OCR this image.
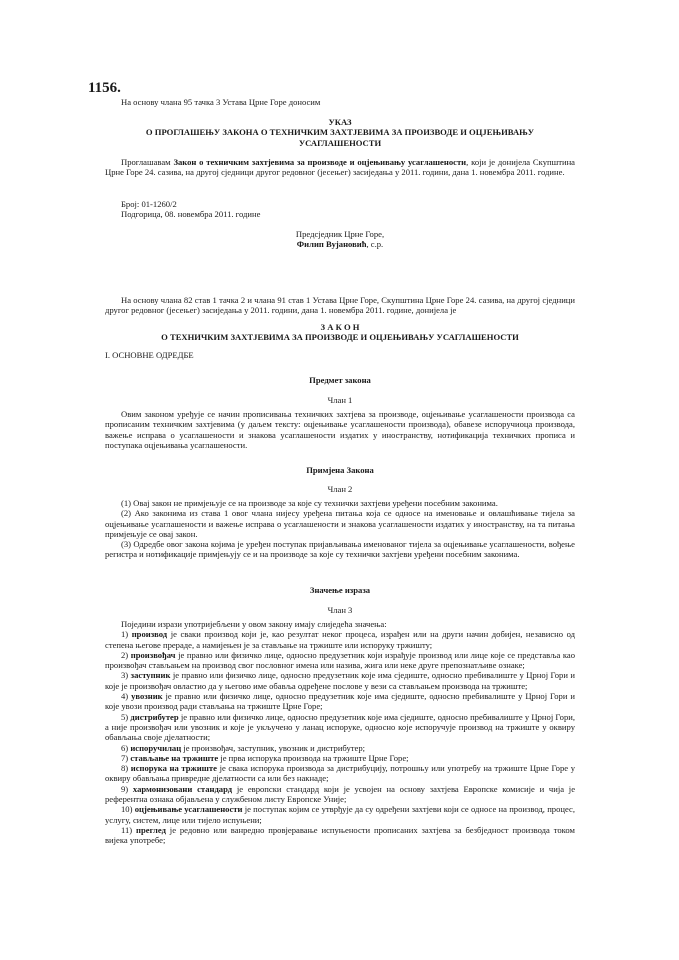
1156.

На основу члана 95 тачка 3 Устава Црне Горе доносим

УКАЗ

О ПРОГЛАШЕЊУ ЗАКОНА О ТЕХНИЧКИМ ЗАХТЈЕВИМА ЗА ПРОИЗВОДЕ И ОЦЈЕЊИВАЊУ УСАГЛАШЕНОСТИ

Проглашавам Закон о техничким захтјевима за производе и оцјењивању усаглашености, који је донијела Скупштина Црне Горе 24. сазива, на другој сједници другог редовног (јесењег) засиједања у 2011. години, дана 1. новембра 2011. године.

Број: 01-1260/2

Подгорица, 08. новембра 2011. године

Предсједник Црне Горе,

Филип Вујановић, с.р.

На основу члана 82 став 1 тачка 2 и члана 91 став 1 Устава Црне Горе, Скупштина Црне Горе 24. сазива, на другој сједници другог редовног (јесењег) засиједања у 2011. години, дана 1. новембра 2011. године, донијела је

З А К О Н

О ТЕХНИЧКИМ ЗАХТЈЕВИМА ЗА ПРОИЗВОДЕ И ОЦЈЕЊИВАЊУ УСАГЛАШЕНОСТИ

I. ОСНОВНЕ ОДРЕДБЕ

Предмет закона

Члан 1

Овим законом уређује се начин прописивања техничких захтјева за производе, оцјењивање усаглашености производа са прописаним техничким захтјевима (у даљем тексту: оцјењивање усаглашености производа), обавезе испоручиоца производа, важење исправа о усаглашености и знакова усаглашености издатих у иностранству, нотификација техничких прописа и поступака оцјењивања усаглашености.

Примјена Закона

Члан 2

(1) Овај закон не примјењује се на производе за које су технички захтјеви уређени посебним законима.

(2) Ако законима из става 1 овог члана нијесу уређена питања која се односе на именовање и овлашћивање тијела за оцјењивање усаглашености и важење исправа о усаглашености и знакова усаглашености издатих у иностранству, на та питања примјењује се овај закон.

(3) Одредбе овог закона којима је уређен поступак пријављивања именованог тијела за оцјењивање усаглашености, вођење регистра и нотификације примјењују се и на производе за које су технички захтјеви уређени посебним законима.

Значење израза

Члан 3

Поједини изрази употријебљени у овом закону имају слиједећа значења:

1) производ је сваки производ који је, као резултат неког процеса, израђен или на други начин добијен, независно од степена његове прераде, а намијењен је за стављање на тржиште или испоруку тржишту;

2) произвођач је правно или физичко лице, односно предузетник који израђује производ или лице које се представља као произвођач стављањем на производ свог пословног имена или назива, жига или неке друге препознатљиве ознаке;

3) заступник је правно или физичко лице, односно предузетник које има сједиште, односно пребивалиште у Црној Гори и које је произвођач овластио да у његово име обавља одређене послове у вези са стављањем производа на тржиште;

4) увозник је правно или физичко лице, односно предузетник које има сједиште, односно пребивалиште у Црној Гори и које увози производ ради стављања на тржиште Црне Горе;

5) дистрибутер је правно или физичко лице, односно предузетник које има сједиште, односно пребивалиште у Црној Гори, а није произвођач или увозник и које је укључено у ланац испоруке, односно које испоручује производ на тржиште у оквиру обављања своје дјелатности;

6) испоручилац је произвођач, заступник, увозник и дистрибутер;

7) стављање на тржиште је прва испорука производа на тржиште Црне Горе;

8) испорука на тржиште је свака испорука производа за дистрибуцију, потрошњу или употребу на тржиште Црне Горе у оквиру обављања привредне дјелатности са или без накнаде;

9) хармонизовани стандард је европски стандард који је усвојен на основу захтјева Европске комисије и чија је референтна ознака објављена у службеном листу Европске Уније;

10) оцјењивање усаглашености је поступак којим се утврђује да су одређени захтјеви који се односе на производ, процес, услугу, систем, лице или тијело испуњени;

11) преглед је редовно или ванредно провјеравање испуњености прописаних захтјева за безбједност производа током вијека употребе;
